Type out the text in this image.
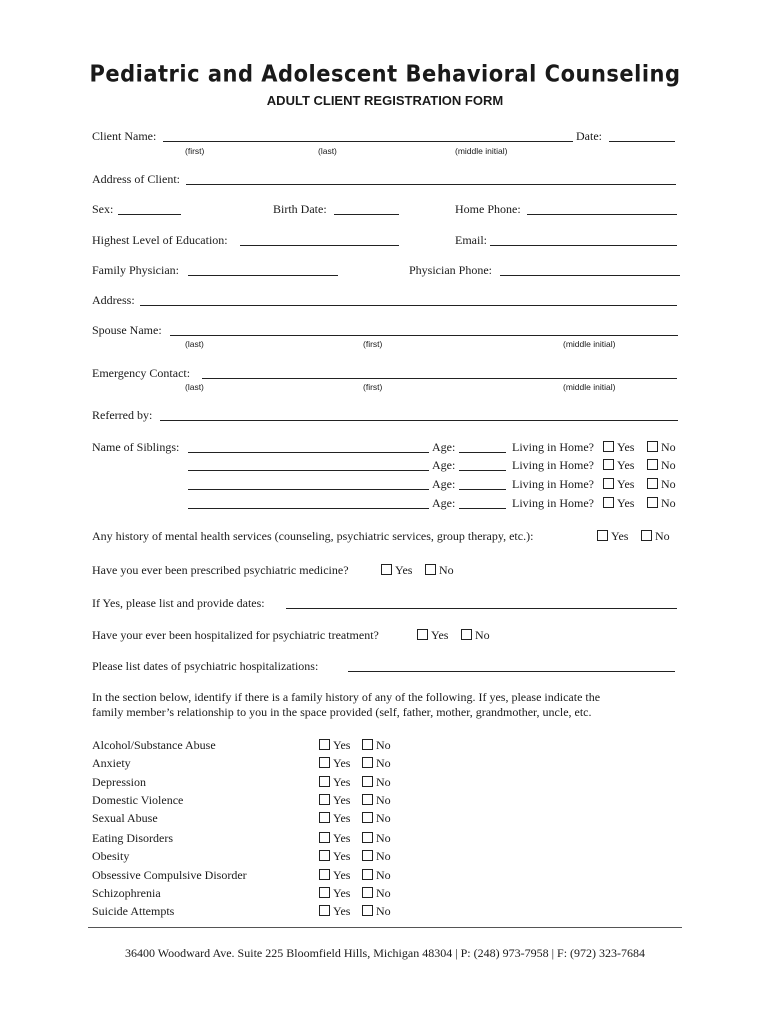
Pediatric and Adolescent Behavioral Counseling
ADULT CLIENT REGISTRATION FORM
Client Name:
(first)	(last)	(middle initial)
Date:
Address of Client:
Sex:	Birth Date:	Home Phone:
Highest Level of Education:	Email:
Family Physician:	Physician Phone:
Address:
Spouse Name:
(last)	(first)	(middle initial)
Emergency Contact:
(last)	(first)	(middle initial)
Referred by:
Name of Siblings:	Age:	Living in Home?	Yes	No
Age:	Living in Home?	Yes	No
Age:	Living in Home?	Yes	No
Age:	Living in Home?	Yes	No
Any history of mental health services (counseling, psychiatric services, group therapy, etc.):	Yes	No
Have you ever been prescribed psychiatric medicine?	Yes	No
If Yes, please list and provide dates:
Have your ever been hospitalized for psychiatric treatment?	Yes	No
Please list dates of psychiatric hospitalizations:
In the section below, identify if there is a family history of any of the following. If yes, please indicate the
family member’s relationship to you in the space provided (self, father, mother, grandmother, uncle, etc.
Alcohol/Substance Abuse	Yes	No
Anxiety	Yes	No
Depression	Yes	No
Domestic Violence	Yes	No
Sexual Abuse	Yes	No
Eating Disorders	Yes	No
Obesity	Yes	No
Obsessive Compulsive Disorder	Yes	No
Schizophrenia	Yes	No
Suicide Attempts	Yes	No
36400 Woodward Ave. Suite 225 Bloomfield Hills, Michigan 48304 | P: (248) 973-7958 | F: (972) 323-7684
